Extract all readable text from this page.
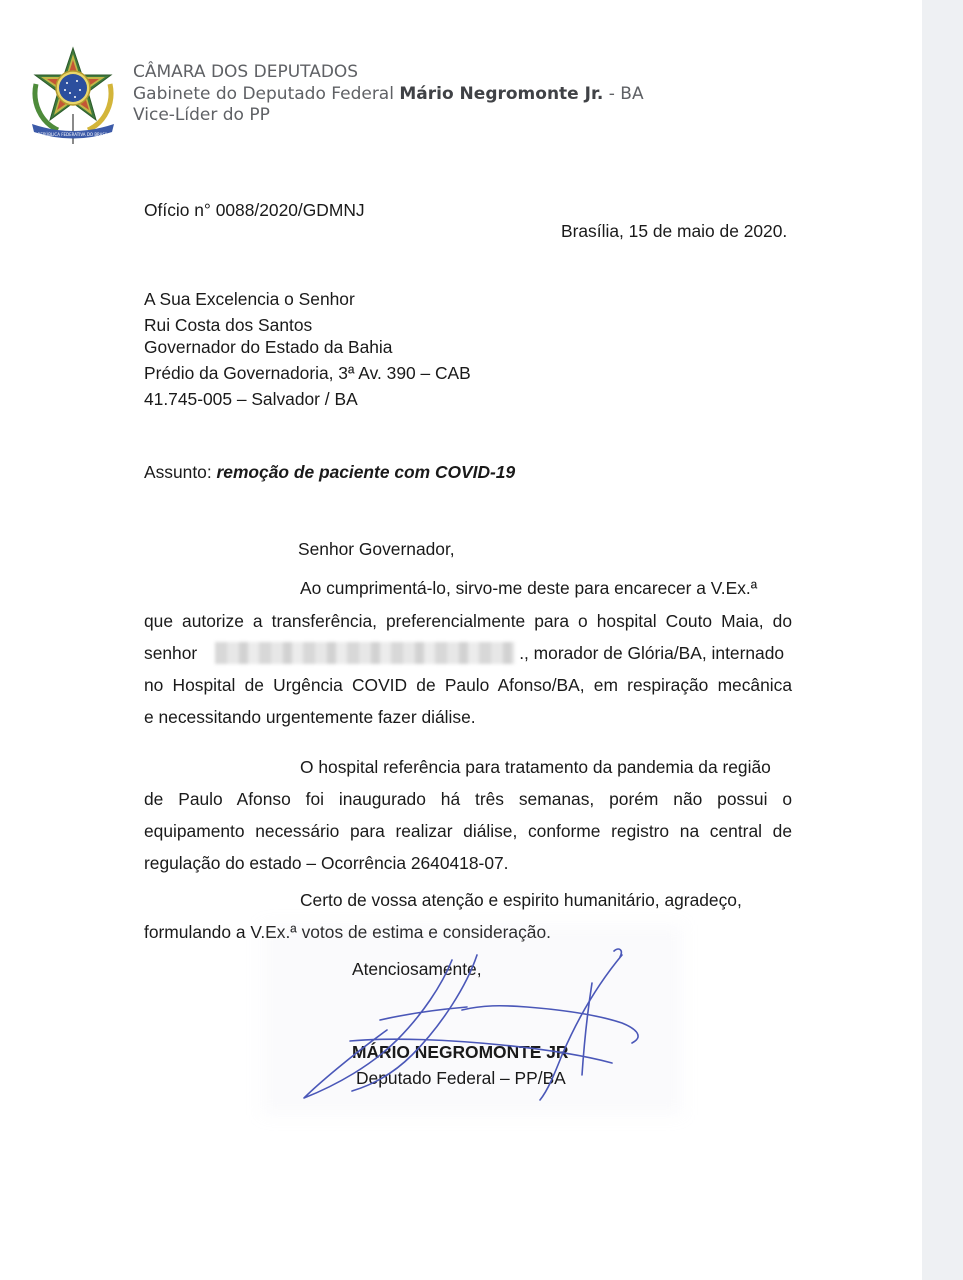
REPÚBLICA FEDERATIVA DO BRASIL
CÂMARA DOS DEPUTADOS
Gabinete do Deputado Federal Mário Negromonte Jr. - BA
Vice-Líder do PP
Ofício n° 0088/2020/GDMNJ
Brasília, 15 de maio de 2020.
A Sua Excelencia o Senhor
Rui Costa dos Santos
Governador do Estado da Bahia
Prédio da Governadoria, 3ª Av. 390 – CAB
41.745-005 – Salvador / BA
Assunto: remoção de paciente com COVID-19
Senhor Governador,
Ao cumprimentá-lo, sirvo-me deste para encarecer a V.Ex.ª
que autorize a transferência, preferencialmente para o hospital Couto Maia, do
senhor	., morador de Glória/BA, internado
no Hospital de Urgência COVID de Paulo Afonso/BA, em respiração mecânica
e necessitando urgentemente fazer diálise.
O hospital referência para tratamento da pandemia da região
de Paulo Afonso foi inaugurado há três semanas, porém não possui o
equipamento necessário para realizar diálise, conforme registro na central de
regulação do estado – Ocorrência 2640418-07.
Certo de vossa atenção e espirito humanitário, agradeço,
formulando a V.Ex.ª votos de estima e consideração.
Atenciosamente,
MÁRIO NEGROMONTE JR
Deputado Federal – PP/BA
